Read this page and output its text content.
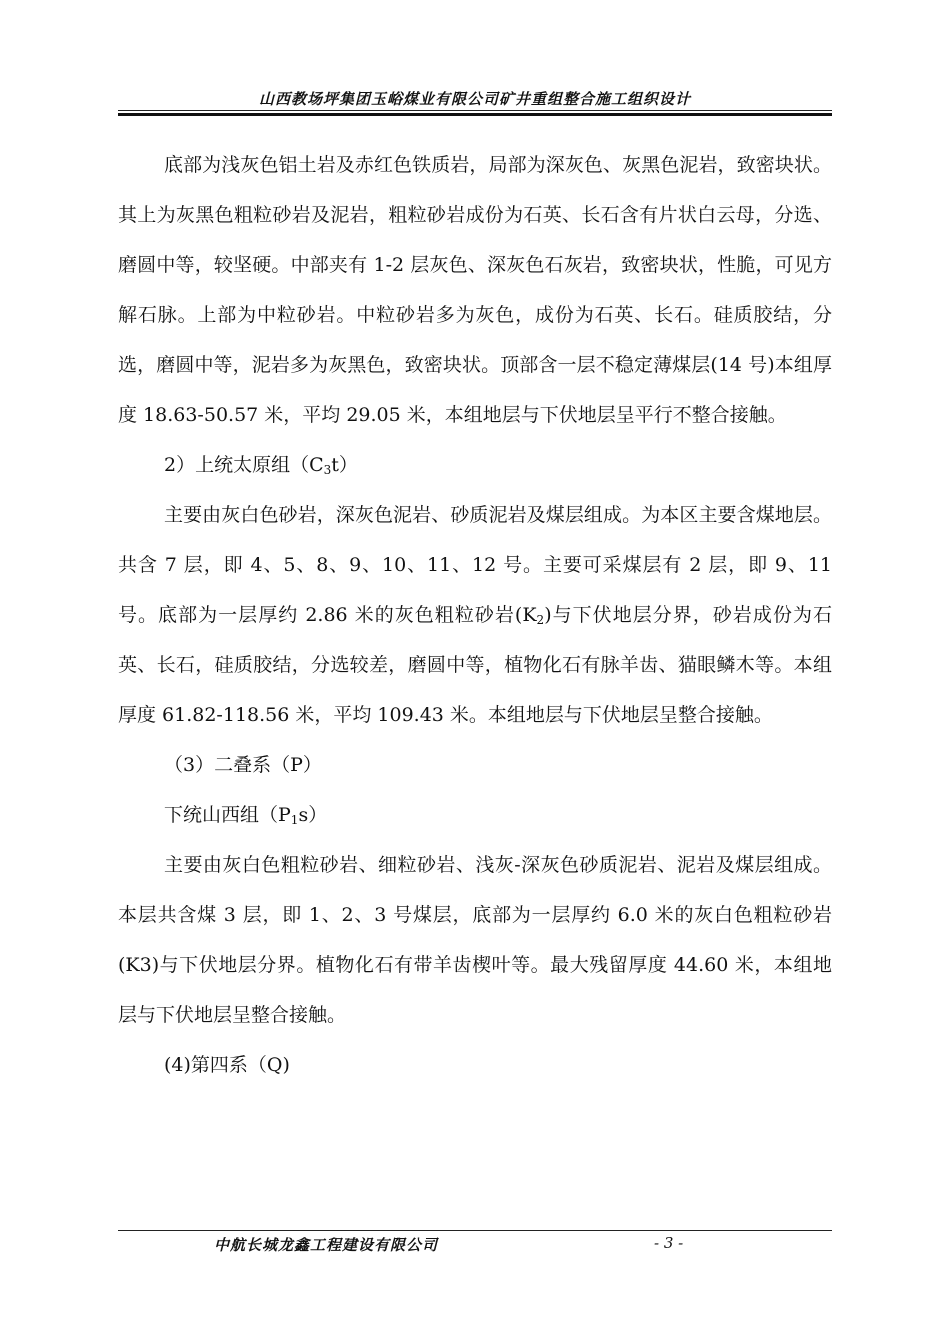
山西教场坪集团玉峪煤业有限公司矿井重组整合施工组织设计

底部为浅灰色铝土岩及赤红色铁质岩，局部为深灰色、灰黑色泥岩，致密块状。其上为灰黑色粗粒砂岩及泥岩，粗粒砂岩成份为石英、长石含有片状白云母，分选、磨圆中等，较坚硬。中部夹有 1-2 层灰色、深灰色石灰岩，致密块状，性脆，可见方解石脉。上部为中粒砂岩。中粒砂岩多为灰色，成份为石英、长石。硅质胶结，分选，磨圆中等，泥岩多为灰黑色，致密块状。顶部含一层不稳定薄煤层(14 号)本组厚度 18.63-50.57 米，平均 29.05 米，本组地层与下伏地层呈平行不整合接触。

2）上统太原组$(C_3t)$

主要由灰白色砂岩，深灰色泥岩、砂质泥岩及煤层组成。为本区主要含煤地层。共含 7 层，即 4、5、8、9、10、11、12 号。主要可采煤层有 2 层，即 9、11 号。底部为一层厚约 2.86 米的灰色粗粒砂岩$(K_2)$与下伏地层分界，砂岩成份为石英、长石，硅质胶结，分选较差，磨圆中等，植物化石有脉羊齿、猫眼鳞木等。本组厚度 61.82-118.56 米，平均 109.43 米。本组地层与下伏地层呈整合接触。

（3）二叠系（P）

下统山西组$(P_1s)$

主要由灰白色粗粒砂岩、细粒砂岩、浅灰-深灰色砂质泥岩、泥岩及煤层组成。本层共含煤 3 层，即 1、2、3 号煤层，底部为一层厚约 6.0 米的灰白色粗粒砂岩(K3)与下伏地层分界。植物化石有带羊齿楔叶等。最大残留厚度 44.60 米，本组地层与下伏地层呈整合接触。

(4)第四系（Q)

中航长城龙鑫工程建设有限公司	- 3 -
